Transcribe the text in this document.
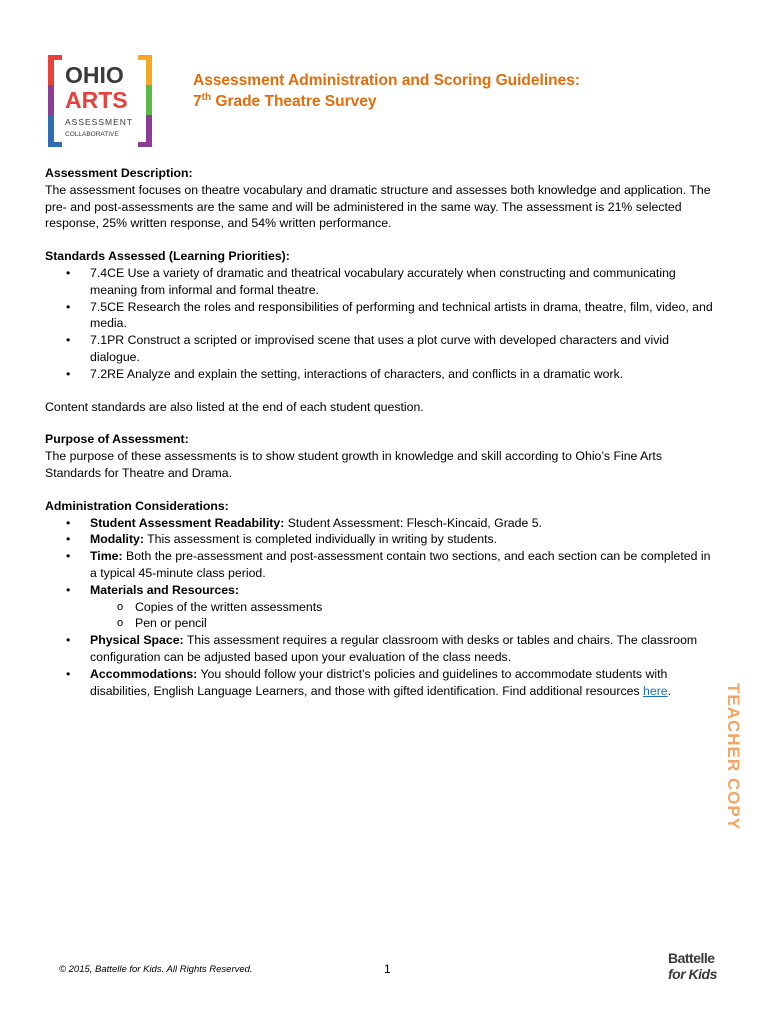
OHIO
ARTS
ASSESSMENT
COLLABORATIVE
Assessment Administration and Scoring Guidelines:
7th Grade Theatre Survey

Assessment Description:

The assessment focuses on theatre vocabulary and dramatic structure and assesses both knowledge and application. The pre- and post-assessments are the same and will be administered in the same way. The assessment is 21% selected response, 25% written response, and 54% written performance.

Standards Assessed (Learning Priorities):

• 7.4CE Use a variety of dramatic and theatrical vocabulary accurately when constructing and communicating meaning from informal and formal theatre.
• 7.5CE Research the roles and responsibilities of performing and technical artists in drama, theatre, film, video, and media.
• 7.1PR Construct a scripted or improvised scene that uses a plot curve with developed characters and vivid dialogue.
• 7.2RE Analyze and explain the setting, interactions of characters, and conflicts in a dramatic work.

Content standards are also listed at the end of each student question.

Purpose of Assessment:

The purpose of these assessments is to show student growth in knowledge and skill according to Ohio’s Fine Arts Standards for Theatre and Drama.

Administration Considerations:

• Student Assessment Readability: Student Assessment: Flesch-Kincaid, Grade 5.
• Modality: This assessment is completed individually in writing by students.
• Time: Both the pre-assessment and post-assessment contain two sections, and each section can be completed in a typical 45-minute class period.
• Materials and Resources:
o Copies of the written assessments
o Pen or pencil
• Physical Space: This assessment requires a regular classroom with desks or tables and chairs. The classroom configuration can be adjusted based upon your evaluation of the class needs.
• Accommodations: You should follow your district’s policies and guidelines to accommodate students with disabilities, English Language Learners, and those with gifted identification. Find additional resources here.	TEACHER COPY
© 2015, Battelle for Kids. All Rights Reserved.	1
Battelle
for Kids
